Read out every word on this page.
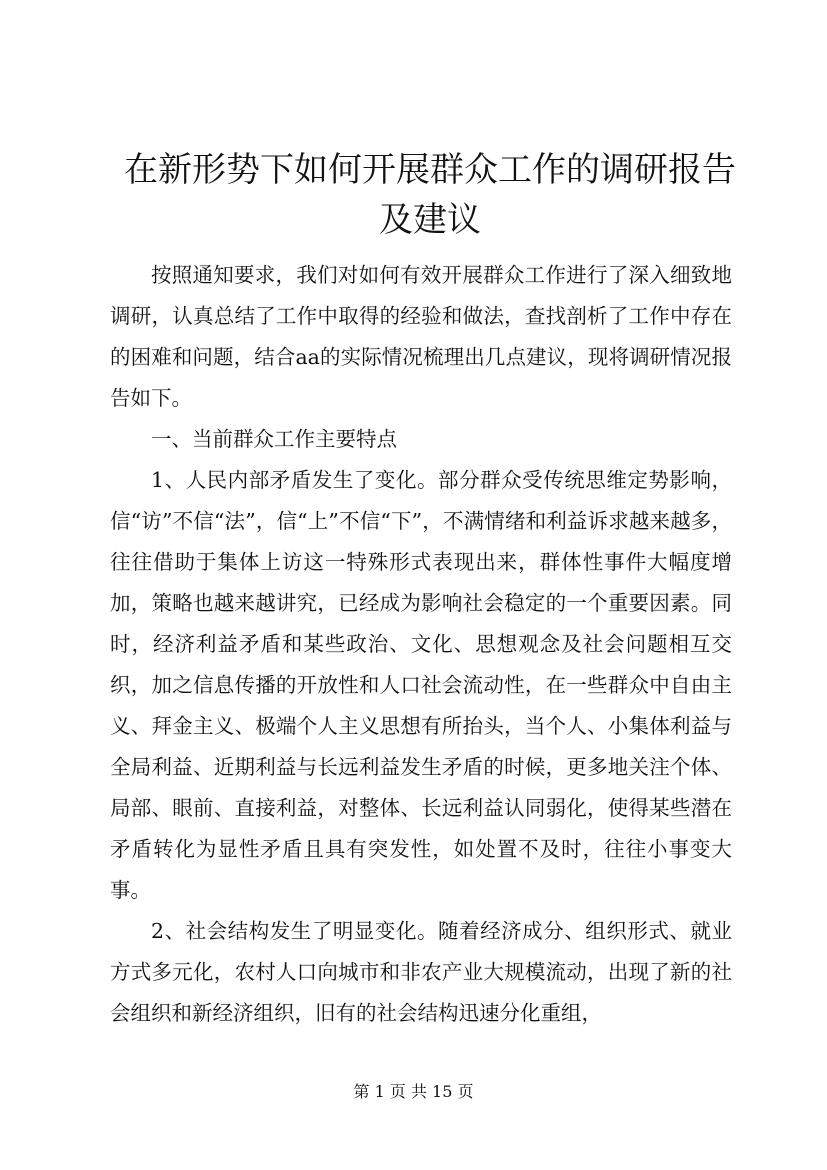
在新形势下如何开展群众工作的调研报告及建议

按照通知要求，我们对如何有效开展群众工作进行了深入细致地调研，认真总结了工作中取得的经验和做法，查找剖析了工作中存在的困难和问题，结合aa的实际情况梳理出几点建议，现将调研情况报告如下。

一、当前群众工作主要特点

1、人民内部矛盾发生了变化。部分群众受传统思维定势影响，信“访”不信“法”，信“上”不信“下”，不满情绪和利益诉求越来越多，往往借助于集体上访这一特殊形式表现出来，群体性事件大幅度增加，策略也越来越讲究，已经成为影响社会稳定的一个重要因素。同时，经济利益矛盾和某些政治、文化、思想观念及社会问题相互交织，加之信息传播的开放性和人口社会流动性，在一些群众中自由主义、拜金主义、极端个人主义思想有所抬头，当个人、小集体利益与全局利益、近期利益与长远利益发生矛盾的时候，更多地关注个体、局部、眼前、直接利益，对整体、长远利益认同弱化，使得某些潜在矛盾转化为显性矛盾且具有突发性，如处置不及时，往往小事变大事。

2、社会结构发生了明显变化。随着经济成分、组织形式、就业方式多元化，农村人口向城市和非农产业大规模流动，出现了新的社会组织和新经济组织，旧有的社会结构迅速分化重组，

第 1 页 共 15 页
